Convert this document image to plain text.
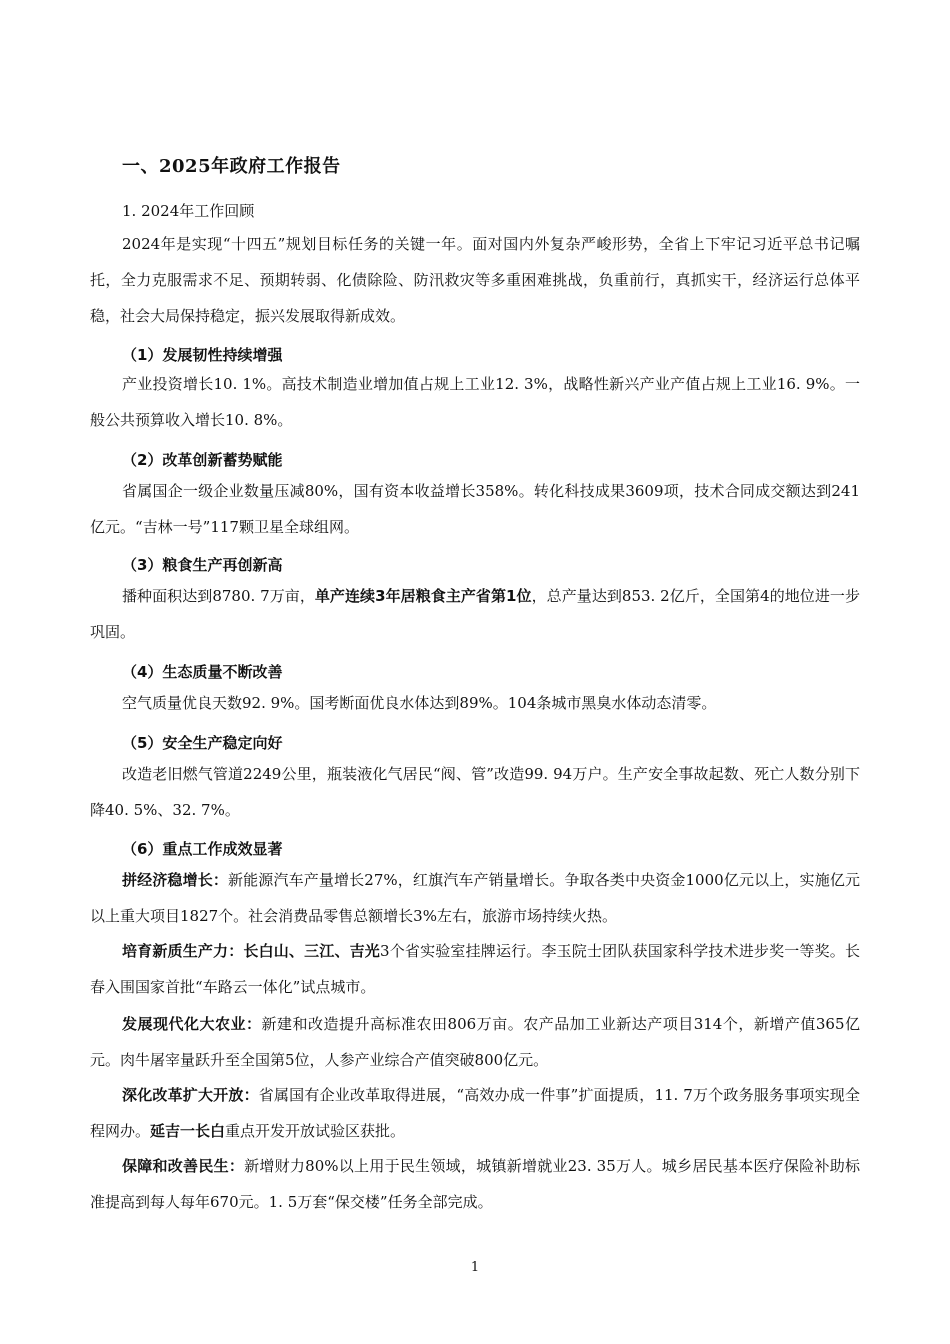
一、2025年政府工作报告
1. 2024年工作回顾

2024年是实现“十四五”规划目标任务的关键一年。面对国内外复杂严峻形势，全省上下牢记习近平总书记嘱托，全力克服需求不足、预期转弱、化债除险、防汛救灾等多重困难挑战，负重前行，真抓实干，经济运行总体平稳，社会大局保持稳定，振兴发展取得新成效。

（1）发展韧性持续增强

产业投资增长10. 1%。高技术制造业增加值占规上工业12. 3%，战略性新兴产业产值占规上工业16. 9%。一般公共预算收入增长10. 8%。

（2）改革创新蓄势赋能

省属国企一级企业数量压减80%，国有资本收益增长358%。转化科技成果3609项，技术合同成交额达到241亿元。“吉林一号”117颗卫星全球组网。

（3）粮食生产再创新高

播种面积达到8780. 7万亩，单产连续3年居粮食主产省第1位，总产量达到853. 2亿斤，全国第4的地位进一步巩固。

（4）生态质量不断改善

空气质量优良天数92. 9%。国考断面优良水体达到89%。104条城市黑臭水体动态清零。

（5）安全生产稳定向好

改造老旧燃气管道2249公里，瓶装液化气居民“阀、管”改造99. 94万户。生产安全事故起数、死亡人数分别下降40. 5%、32. 7%。

（6）重点工作成效显著

拼经济稳增长：新能源汽车产量增长27%，红旗汽车产销量增长。争取各类中央资金1000亿元以上，实施亿元以上重大项目1827个。社会消费品零售总额增长3%左右，旅游市场持续火热。

培育新质生产力：长白山、三江、吉光3个省实验室挂牌运行。李玉院士团队获国家科学技术进步奖一等奖。长春入围国家首批“车路云一体化”试点城市。

发展现代化大农业：新建和改造提升高标准农田806万亩。农产品加工业新达产项目314个，新增产值365亿元。肉牛屠宰量跃升至全国第5位，人参产业综合产值突破800亿元。

深化改革扩大开放：省属国有企业改革取得进展，“高效办成一件事”扩面提质，11. 7万个政务服务事项实现全程网办。延吉一长白重点开发开放试验区获批。

保障和改善民生：新增财力80%以上用于民生领域，城镇新增就业23. 35万人。城乡居民基本医疗保险补助标准提高到每人每年670元。1. 5万套“保交楼”任务全部完成。

1
